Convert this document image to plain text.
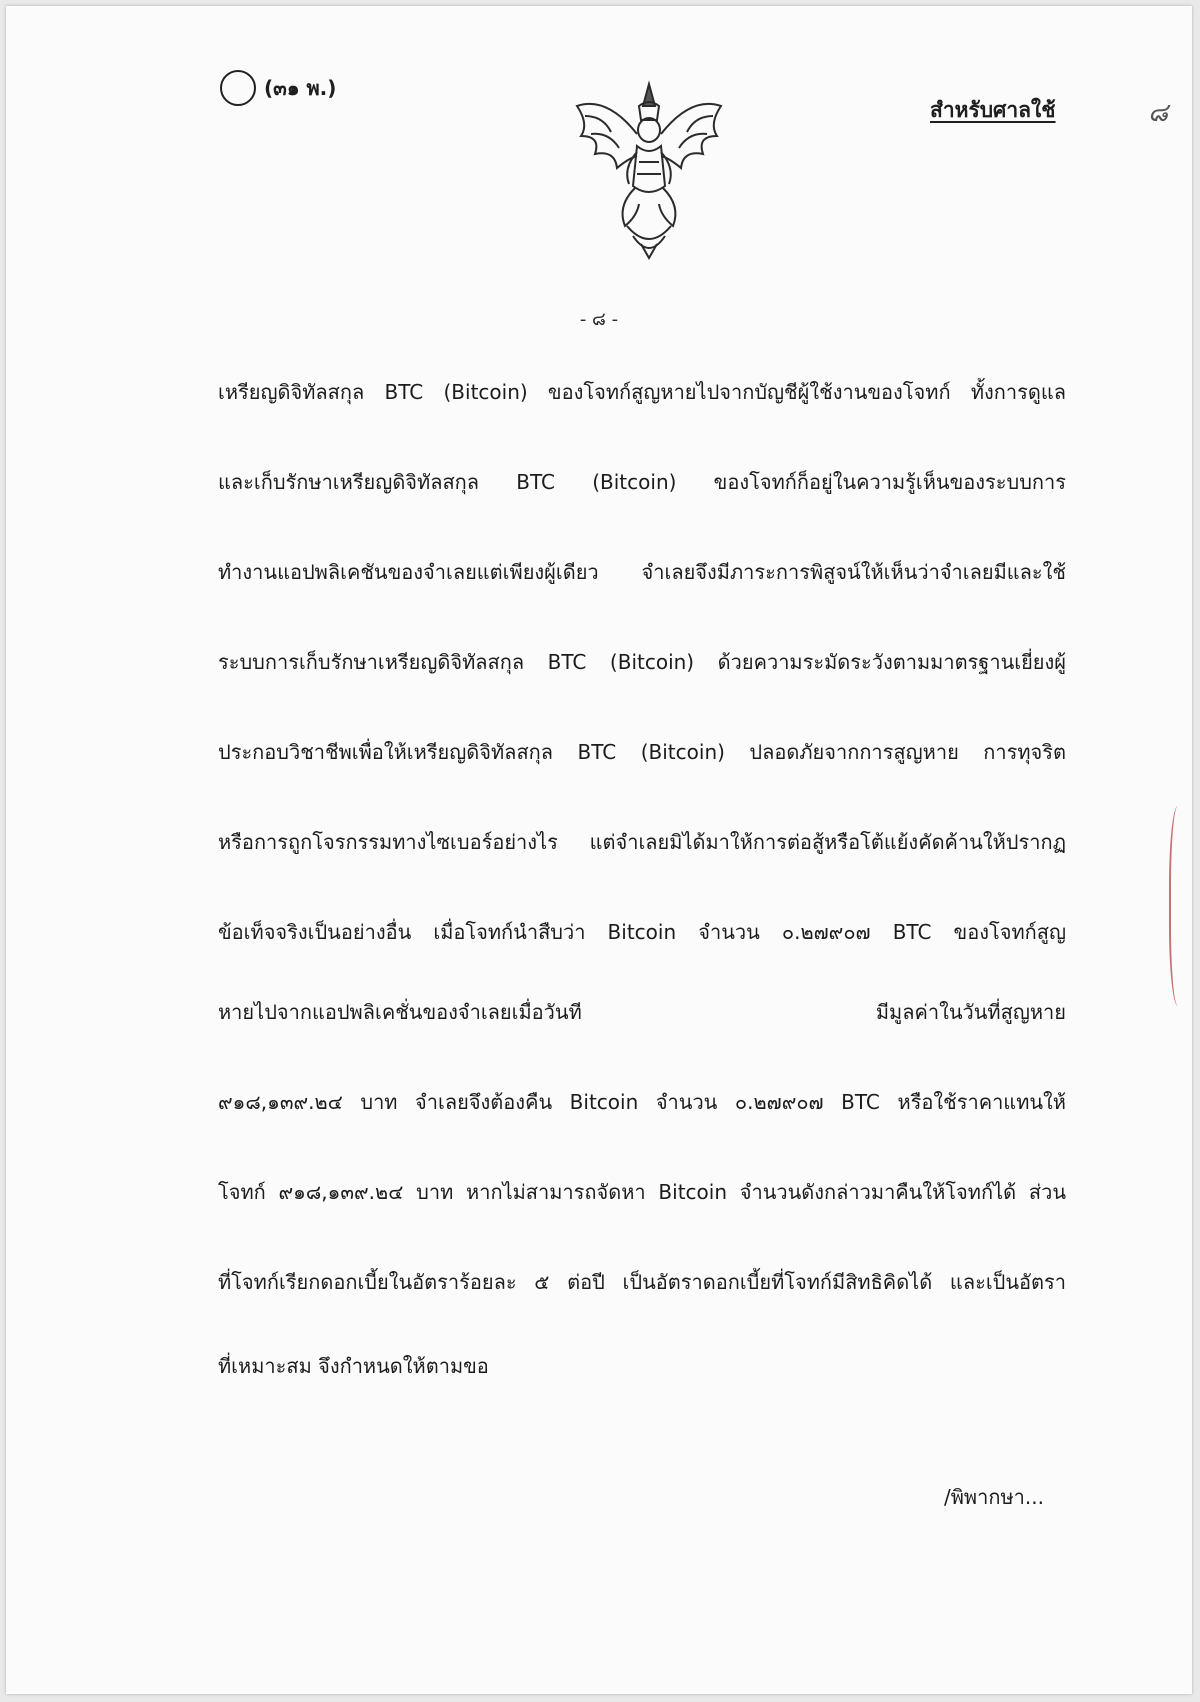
(๓๑ พ.)
สำหรับศาลใช้	๘
- ๘ -
เหรียญดิจิทัลสกุล BTC (Bitcoin) ของโจทก์สูญหายไปจากบัญชีผู้ใช้งานของโจทก์ ทั้งการดูแล
และเก็บรักษาเหรียญดิจิทัลสกุล BTC (Bitcoin) ของโจทก์ก็อยู่ในความรู้เห็นของระบบการ
ทำงานแอปพลิเคชันของจำเลยแต่เพียงผู้เดียว จำเลยจึงมีภาระการพิสูจน์ให้เห็นว่าจำเลยมีและใช้
ระบบการเก็บรักษาเหรียญดิจิทัลสกุล BTC (Bitcoin) ด้วยความระมัดระวังตามมาตรฐานเยี่ยงผู้
ประกอบวิชาชีพเพื่อให้เหรียญดิจิทัลสกุล BTC (Bitcoin) ปลอดภัยจากการสูญหาย การทุจริต
หรือการถูกโจรกรรมทางไซเบอร์อย่างไร แต่จำเลยมิได้มาให้การต่อสู้หรือโต้แย้งคัดค้านให้ปรากฏ
ข้อเท็จจริงเป็นอย่างอื่น เมื่อโจทก์นำสืบว่า Bitcoin จำนวน ๐.๒๗๙๐๗ BTC ของโจทก์สูญ
หายไปจากแอปพลิเคชั่นของจำเลยเมื่อวันที	มีมูลค่าในวันที่สูญหาย
๙๑๘,๑๓๙.๒๔ บาท จำเลยจึงต้องคืน Bitcoin จำนวน ๐.๒๗๙๐๗ BTC หรือใช้ราคาแทนให้
โจทก์ ๙๑๘,๑๓๙.๒๔ บาท หากไม่สามารถจัดหา Bitcoin จำนวนดังกล่าวมาคืนให้โจทก์ได้ ส่วน
ที่โจทก์เรียกดอกเบี้ยในอัตราร้อยละ ๕ ต่อปี เป็นอัตราดอกเบี้ยที่โจทก์มีสิทธิคิดได้ และเป็นอัตรา
ที่เหมาะสม จึงกำหนดให้ตามขอ
/พิพากษา...
